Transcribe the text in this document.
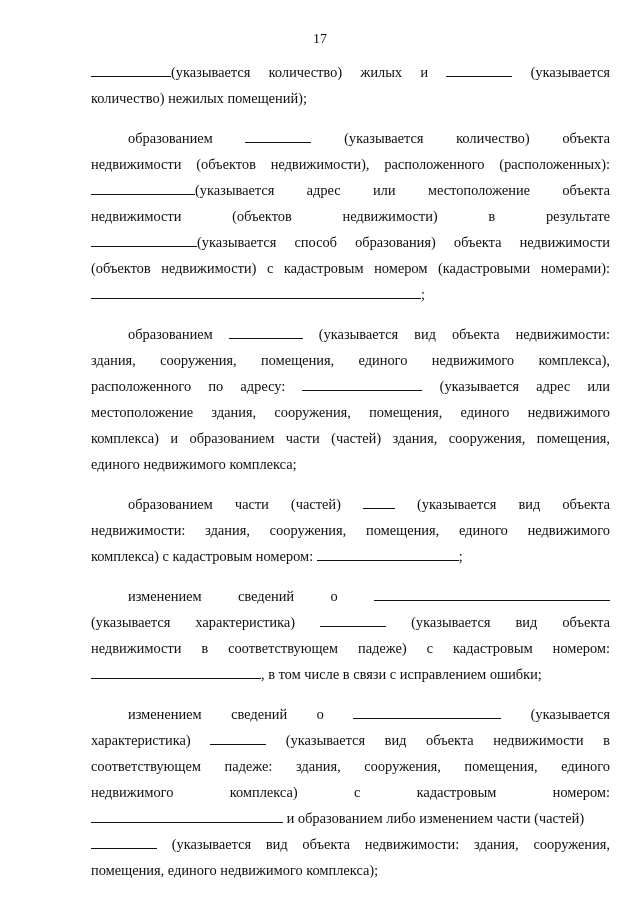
17
(указывается количество) жилых и	(указывается
количество) нежилых помещений);
образованием	(указывается количество) объекта
недвижимости (объектов недвижимости), расположенного (расположенных):
(указывается адрес или местоположение объекта
недвижимости (объектов недвижимости) в результате
(указывается способ образования) объекта недвижимости
(объектов недвижимости) с кадастровым номером (кадастровыми номерами):
;
образованием	(указывается вид объекта недвижимости:
здания, сооружения, помещения, единого недвижимого комплекса),
расположенного по адресу:	(указывается адрес или
местоположение здания, сооружения, помещения, единого недвижимого
комплекса) и образованием части (частей) здания, сооружения, помещения,
единого недвижимого комплекса;
образованием части (частей)	(указывается вид объекта
недвижимости: здания, сооружения, помещения, единого недвижимого
комплекса) с кадастровым номером:	;
изменением сведений о
(указывается характеристика)	(указывается вид объекта
недвижимости в соответствующем падеже) с кадастровым номером:
, в том числе в связи с исправлением ошибки;
изменением сведений о	(указывается
характеристика)	(указывается вид объекта недвижимости в
соответствующем падеже: здания, сооружения, помещения, единого
недвижимого комплекса) с кадастровым номером:
и образованием либо изменением части (частей)
(указывается вид объекта недвижимости: здания, сооружения,
помещения, единого недвижимого комплекса);
